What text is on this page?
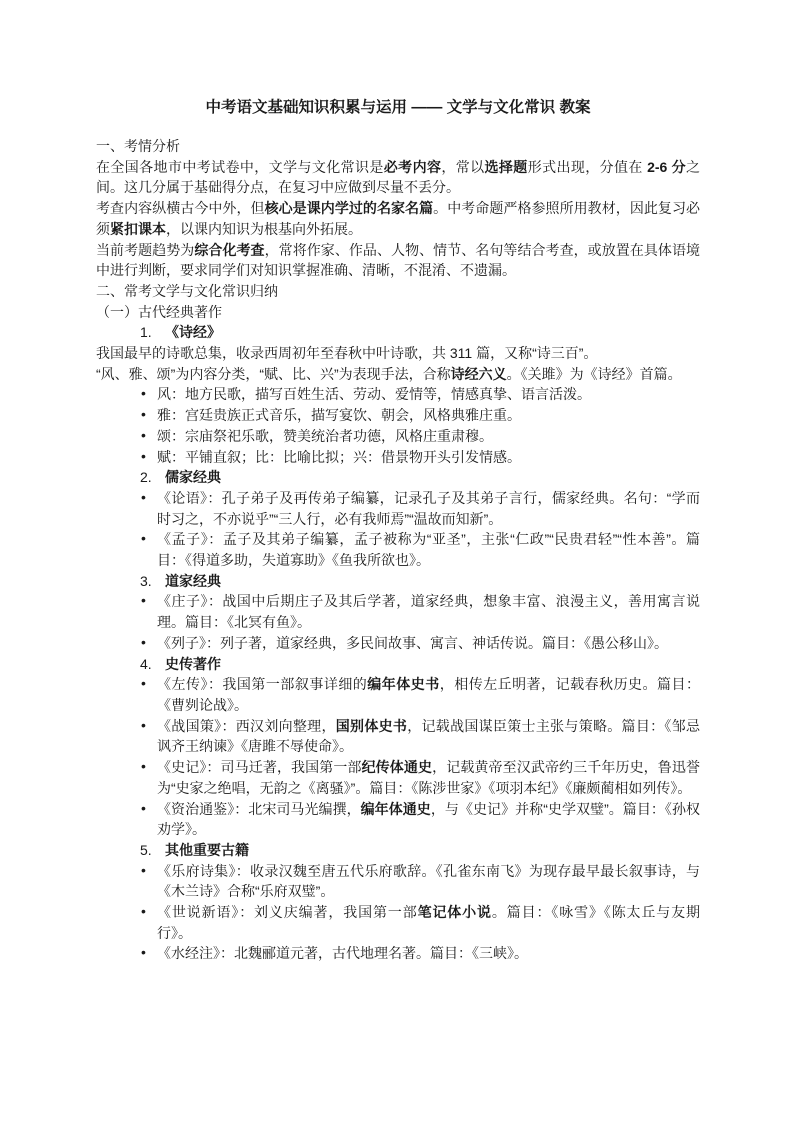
中考语文基础知识积累与运用 —— 文学与文化常识 教案
一、考情分析
在全国各地市中考试卷中，文学与文化常识是必考内容，常以选择题形式出现，分值在 2-6 分之间。这几分属于基础得分点，在复习中应做到尽量不丢分。
考查内容纵横古今中外，但核心是课内学过的名家名篇。中考命题严格参照所用教材，因此复习必须紧扣课本，以课内知识为根基向外拓展。
当前考题趋势为综合化考查，常将作家、作品、人物、情节、名句等结合考查，或放置在具体语境中进行判断，要求同学们对知识掌握准确、清晰，不混淆、不遗漏。
二、常考文学与文化常识归纳
（一）古代经典著作
1. 《诗经》
我国最早的诗歌总集，收录西周初年至春秋中叶诗歌，共 311 篇，又称“诗三百”。
“风、雅、颂”为内容分类，“赋、比、兴”为表现手法，合称诗经六义。《关雎》为《诗经》首篇。
• 风：地方民歌，描写百姓生活、劳动、爱情等，情感真挚、语言活泼。
• 雅：宫廷贵族正式音乐，描写宴饮、朝会，风格典雅庄重。
• 颂：宗庙祭祀乐歌，赞美统治者功德，风格庄重肃穆。
• 赋：平铺直叙；比：比喻比拟；兴：借景物开头引发情感。
2. 儒家经典
• 《论语》：孔子弟子及再传弟子编纂，记录孔子及其弟子言行，儒家经典。名句：“学而时习之，不亦说乎”“三人行，必有我师焉”“温故而知新”。
• 《孟子》：孟子及其弟子编纂，孟子被称为“亚圣”，主张“仁政”“民贵君轻”“性本善”。篇目：《得道多助，失道寡助》《鱼我所欲也》。
3. 道家经典
• 《庄子》：战国中后期庄子及其后学著，道家经典，想象丰富、浪漫主义，善用寓言说理。篇目：《北冥有鱼》。
• 《列子》：列子著，道家经典，多民间故事、寓言、神话传说。篇目：《愚公移山》。
4. 史传著作
• 《左传》：我国第一部叙事详细的编年体史书，相传左丘明著，记载春秋历史。篇目：《曹刿论战》。
• 《战国策》：西汉刘向整理，国别体史书，记载战国谋臣策士主张与策略。篇目：《邹忌讽齐王纳谏》《唐雎不辱使命》。
• 《史记》：司马迁著，我国第一部纪传体通史，记载黄帝至汉武帝约三千年历史，鲁迅誉为“史家之绝唱，无韵之《离骚》”。篇目：《陈涉世家》《项羽本纪》《廉颇蔺相如列传》。
• 《资治通鉴》：北宋司马光编撰，编年体通史，与《史记》并称“史学双璧”。篇目：《孙权劝学》。
5. 其他重要古籍
• 《乐府诗集》：收录汉魏至唐五代乐府歌辞。《孔雀东南飞》为现存最早最长叙事诗，与《木兰诗》合称“乐府双璧”。
• 《世说新语》：刘义庆编著，我国第一部笔记体小说。篇目：《咏雪》《陈太丘与友期行》。
• 《水经注》：北魏郦道元著，古代地理名著。篇目：《三峡》。
